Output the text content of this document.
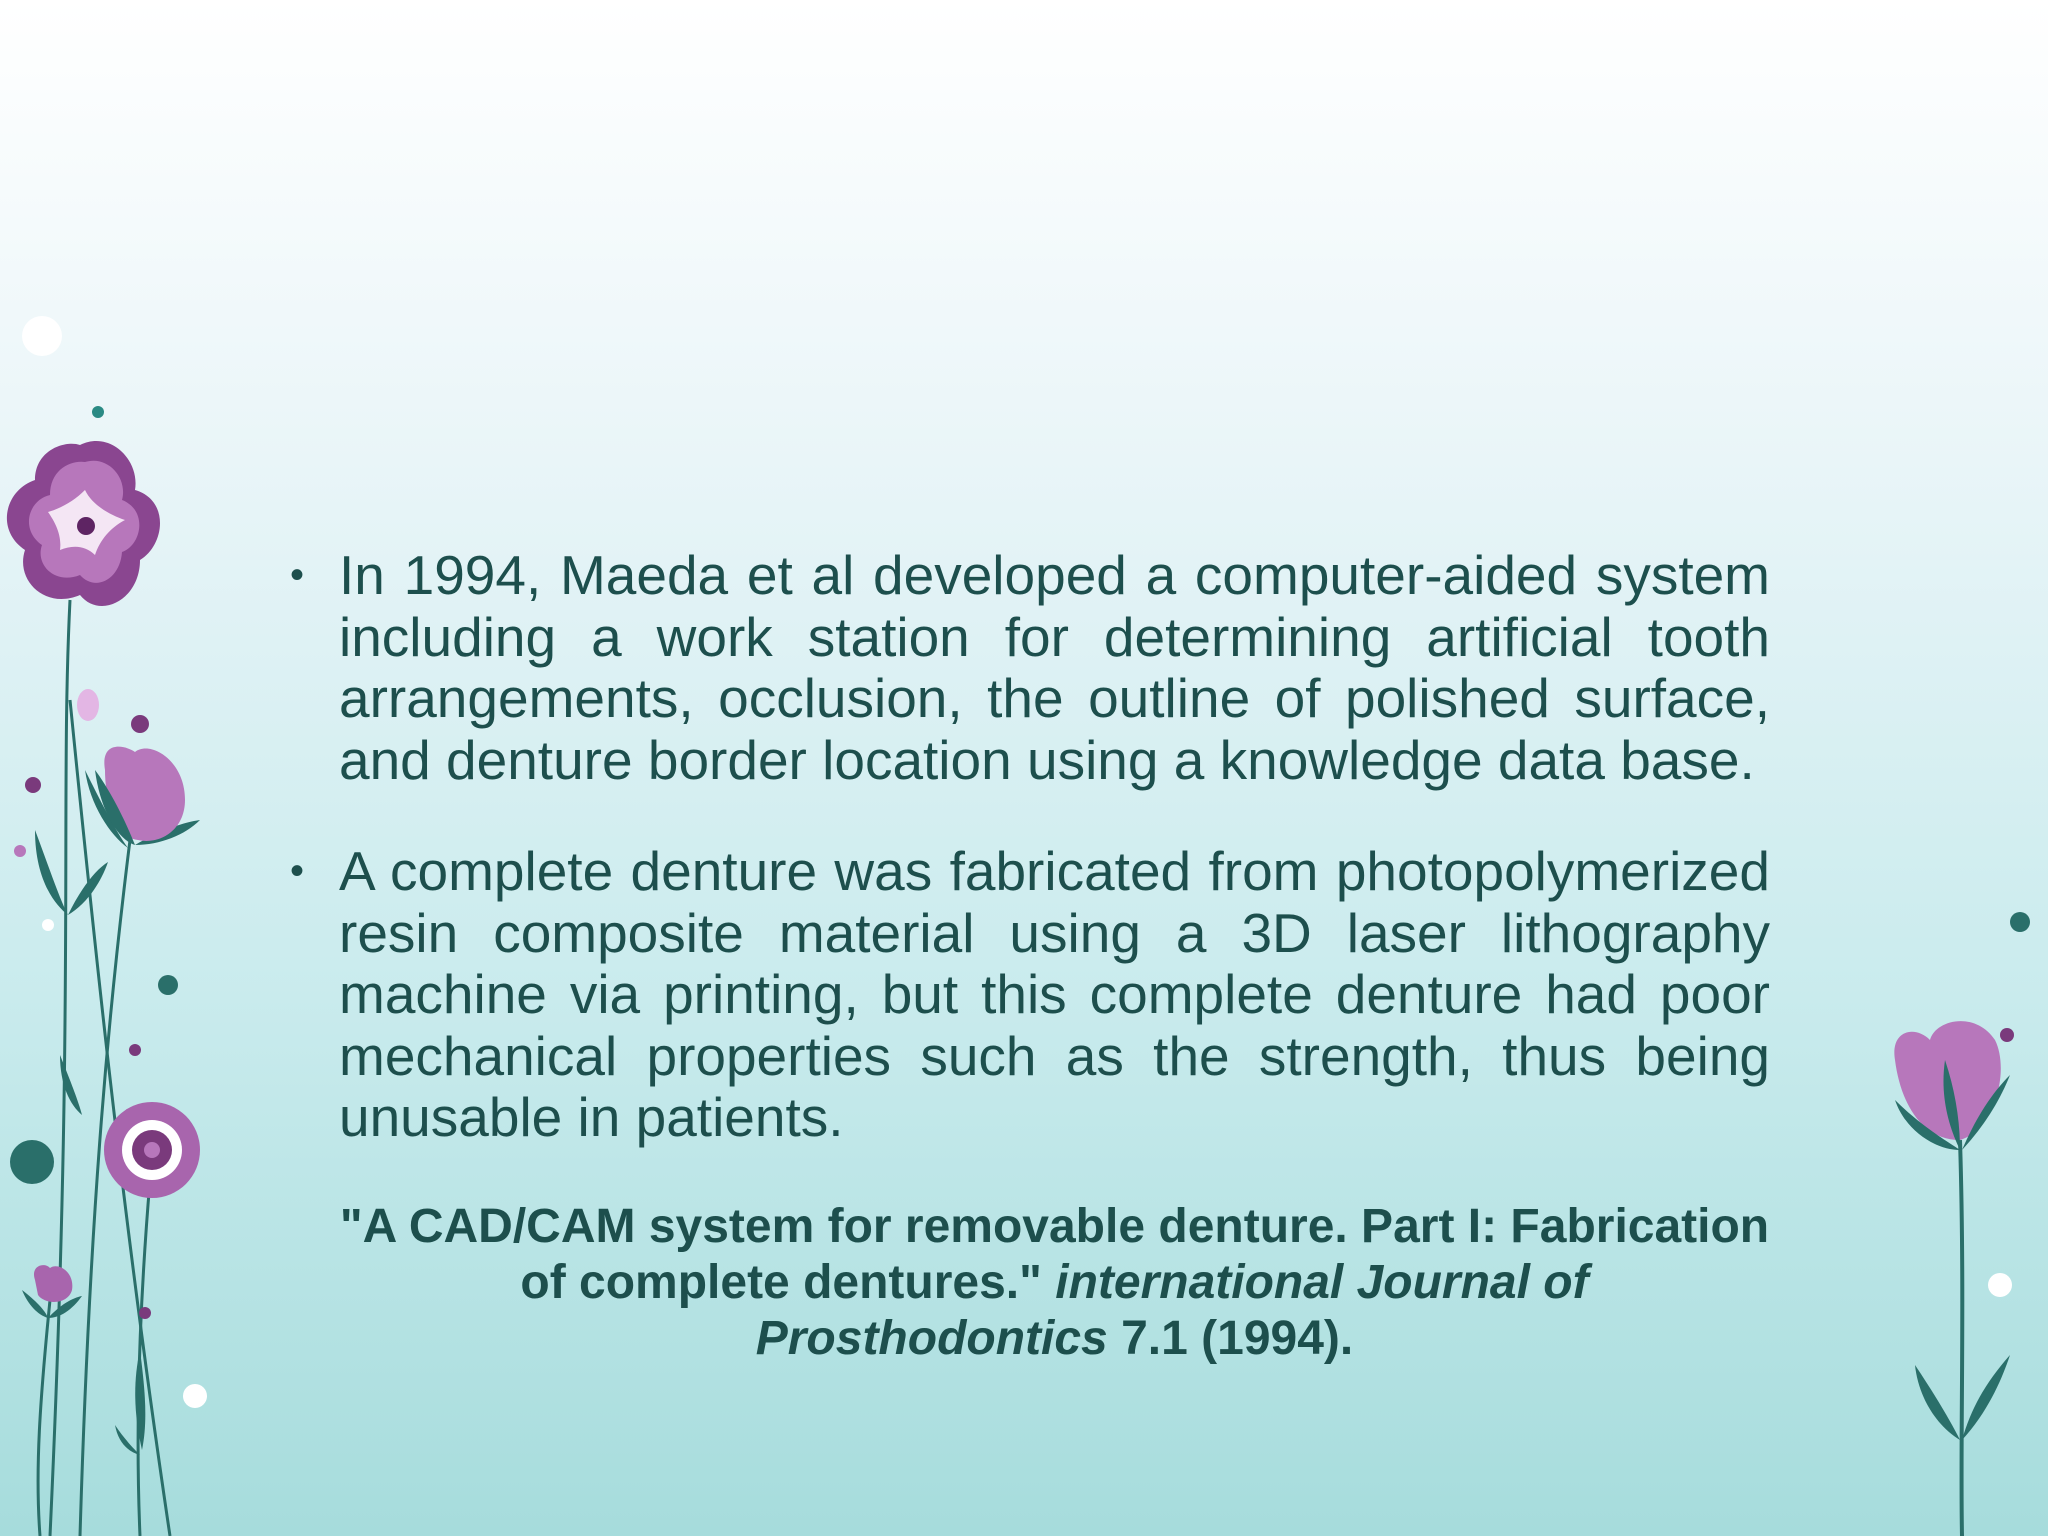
• In 1994, Maeda et al developed a computer-aided system including a work station for determining artificial tooth arrangements, occlusion, the outline of polished surface, and denture border location using a knowledge data base.
• A complete denture was fabricated from photopolymerized resin composite material using a 3D laser lithography machine via printing, but this complete denture had poor mechanical properties such as the strength, thus being unusable in patients.
"A CAD/CAM system for removable denture. Part I: Fabrication of complete dentures." international Journal of Prosthodontics 7.1 (1994).
